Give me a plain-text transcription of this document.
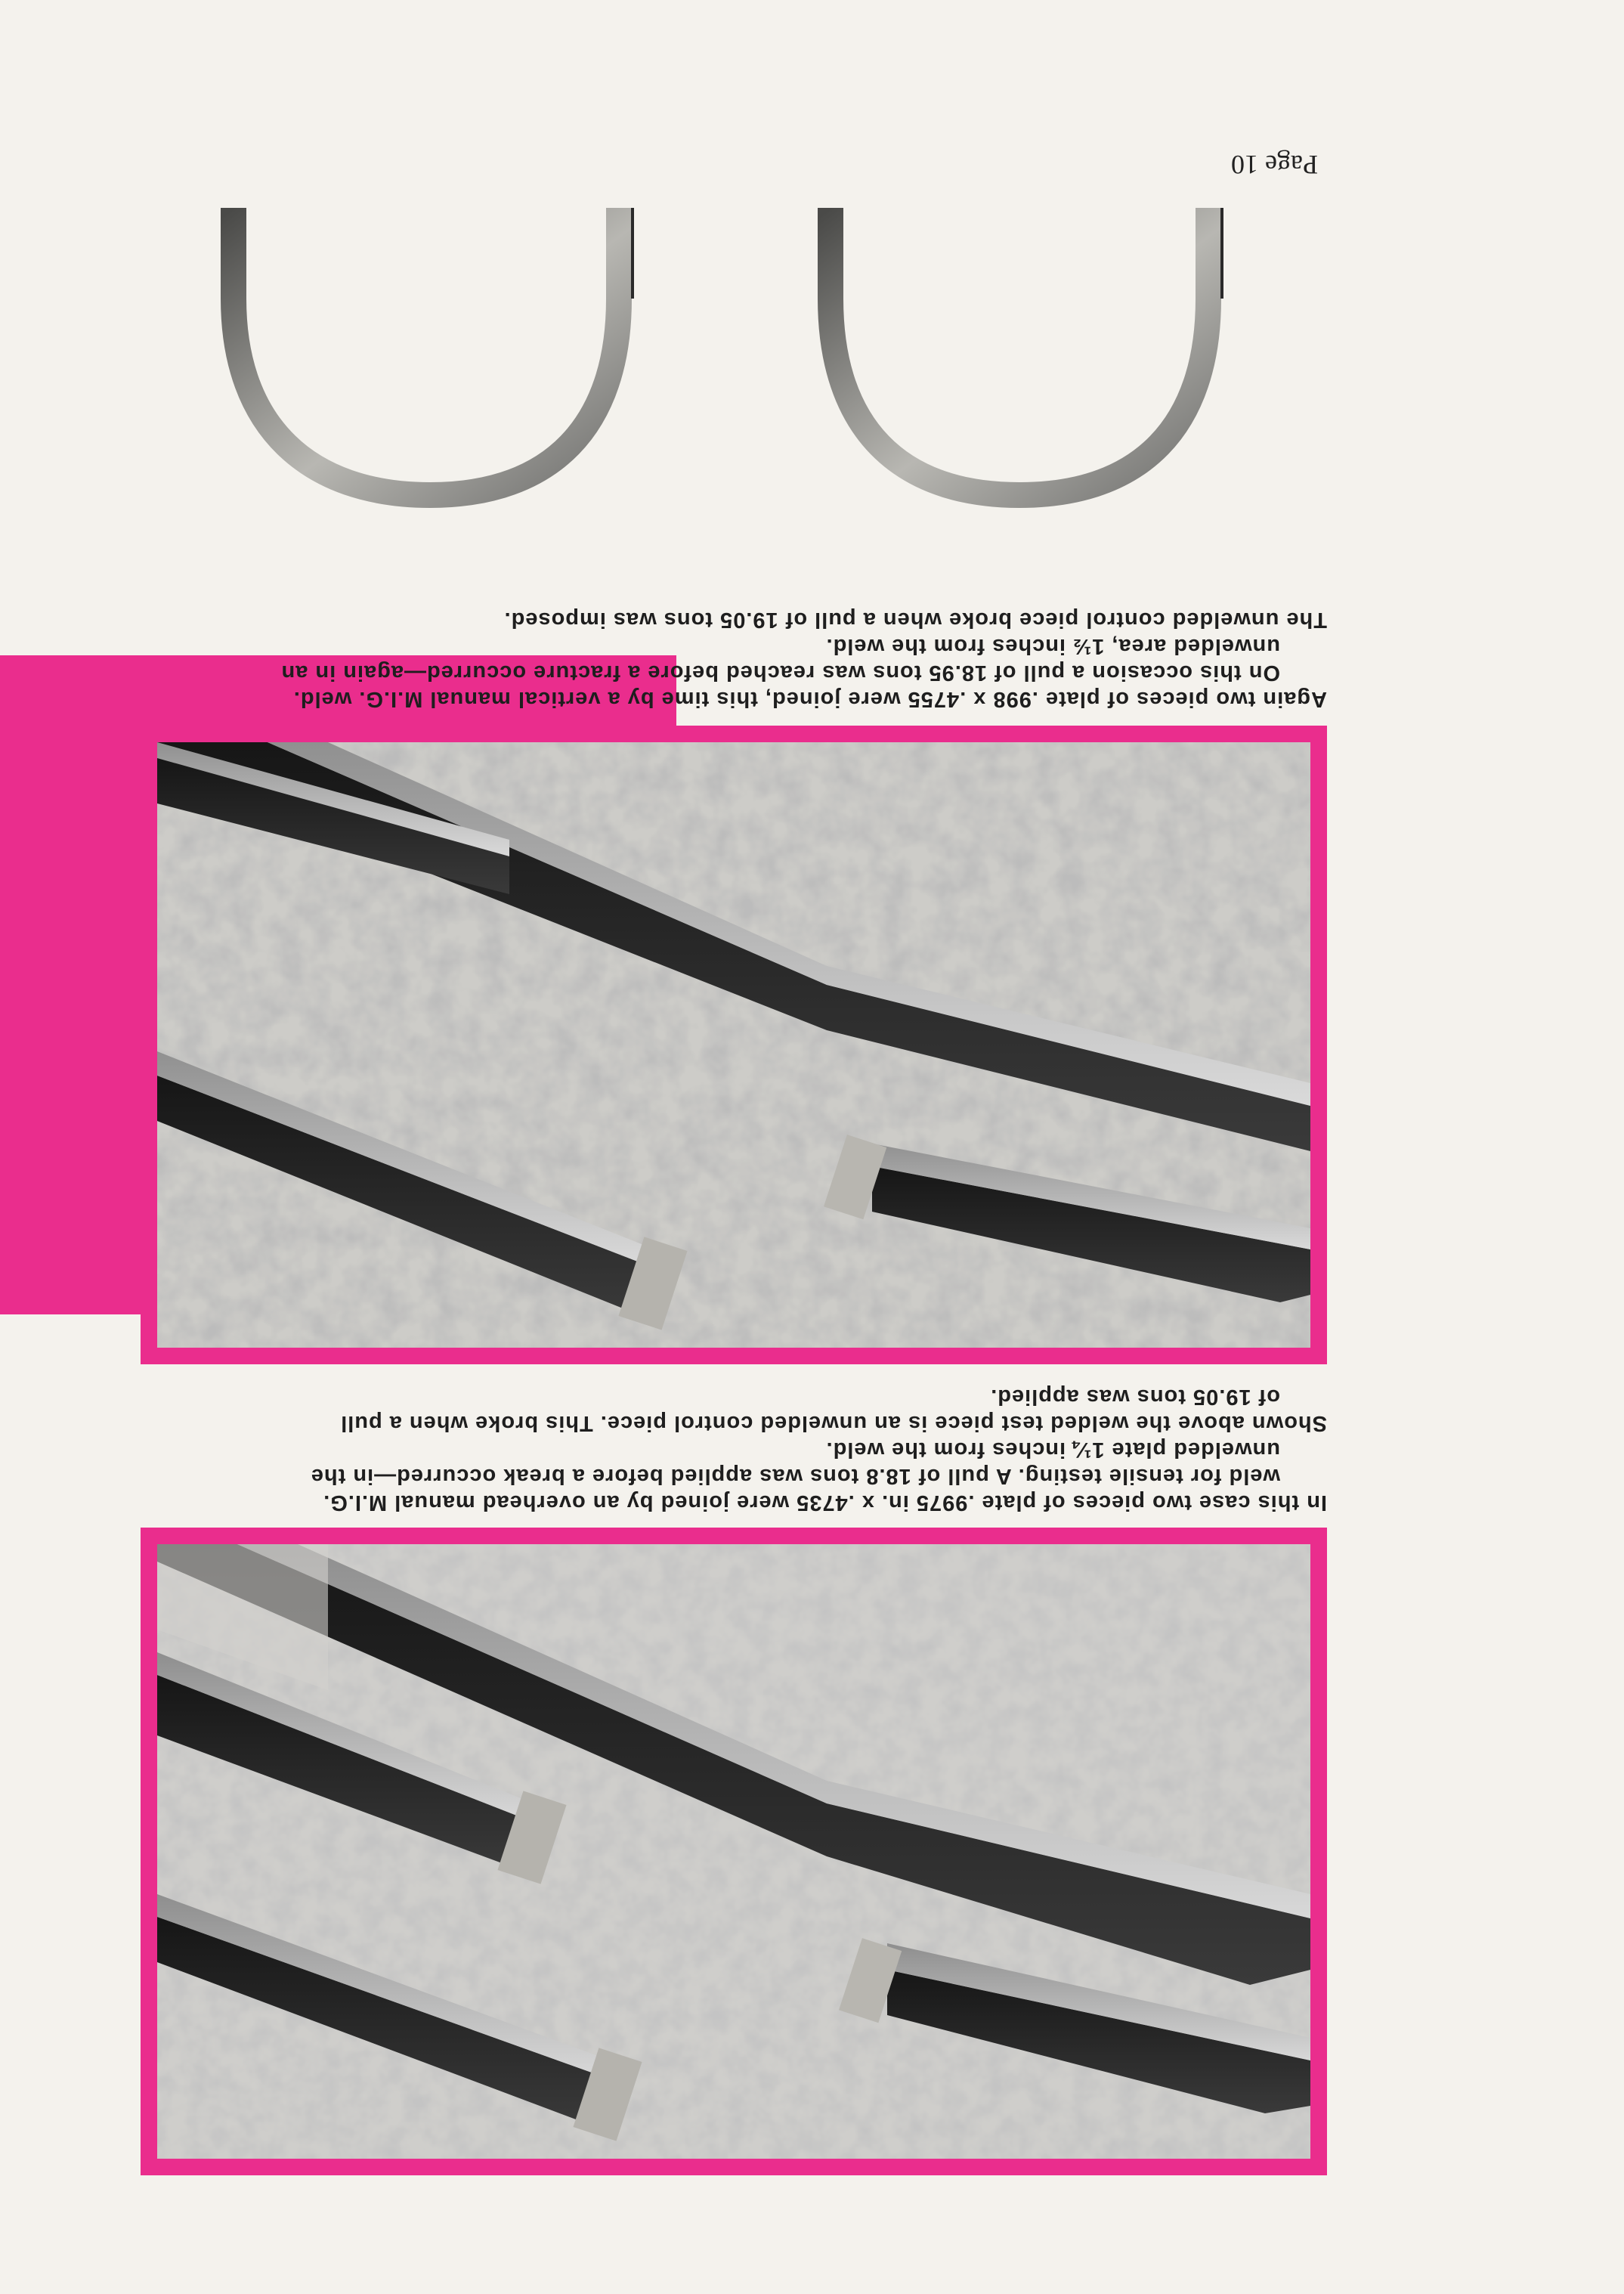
In this case two pieces of plate .9975 in. x .4735 were joined by an overhead manual M.I.G.

weld for tensile testing. A pull of 18.8 tons was applied before a break occurred—in the

unwelded plate 1¼ inches from the weld.

Shown above the welded test piece is an unwelded control piece. This broke when a pull

of 19.05 tons was applied.

Again two pieces of plate .998 x .4755 were joined, this time by a vertical manual M.I.G. weld.

On this occasion a pull of 18.95 tons was reached before a fracture occurred—again in an

unwelded area, 1½ inches from the weld.

The unwelded control piece broke when a pull of 19.05 tons was imposed.

Page 10
